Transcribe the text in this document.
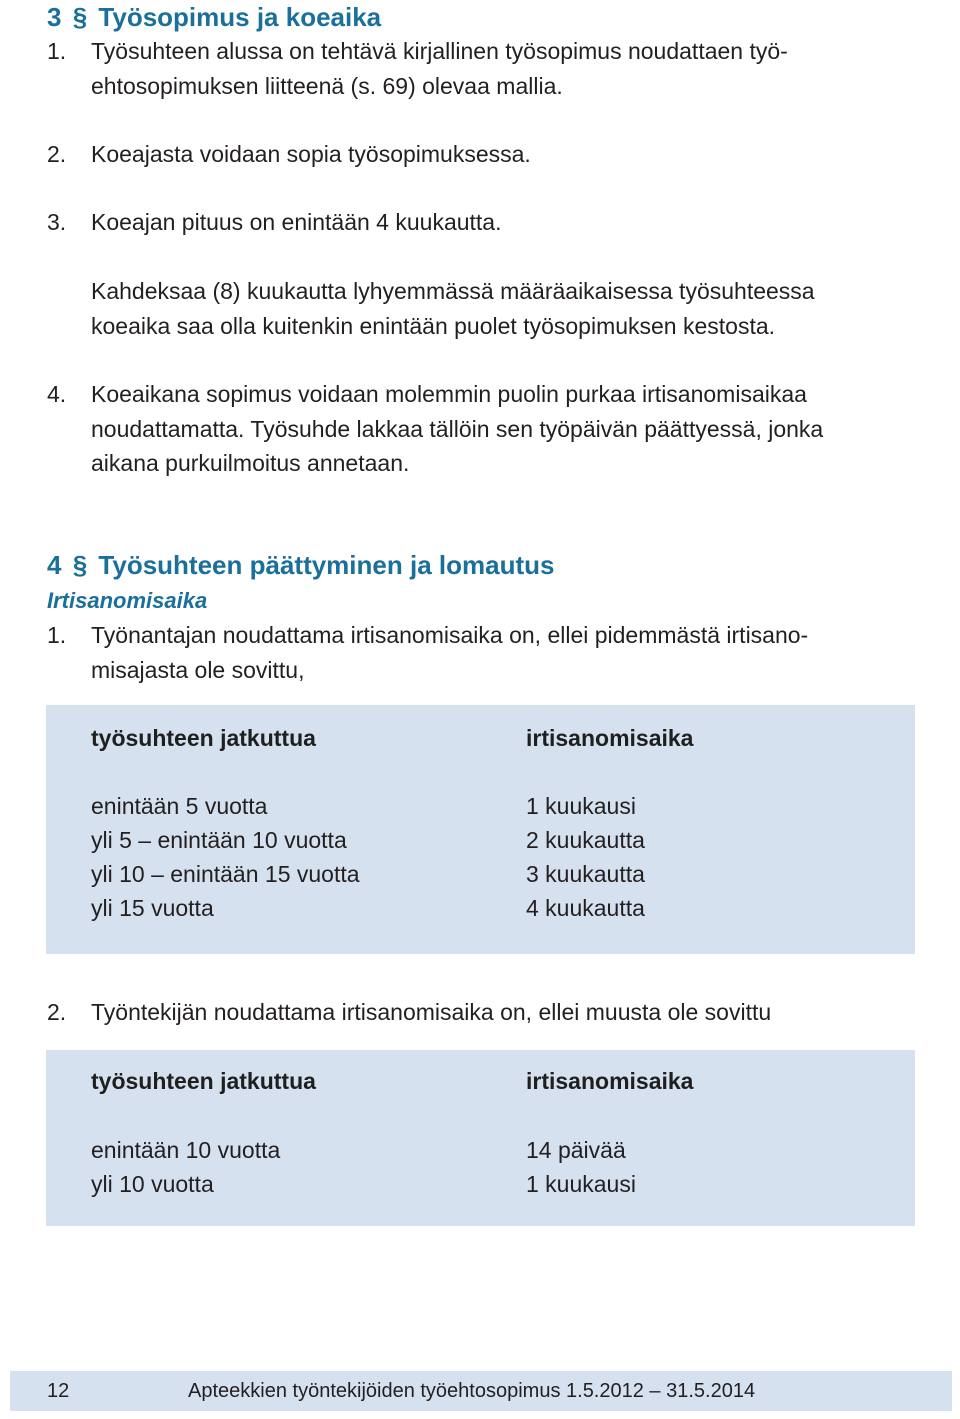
3 § Työsopimus ja koeaika
1. Työsuhteen alussa on tehtävä kirjallinen työsopimus noudattaen työ-
ehtosopimuksen liitteenä (s. 69) olevaa mallia.
2. Koeajasta voidaan sopia työsopimuksessa.
3. Koeajan pituus on enintään 4 kuukautta.
Kahdeksaa (8) kuukautta lyhyemmässä määräaikaisessa työsuhteessa
koeaika saa olla kuitenkin enintään puolet työsopimuksen kestosta.
4. Koeaikana sopimus voidaan molemmin puolin purkaa irtisanomisaikaa
noudattamatta. Työsuhde lakkaa tällöin sen työpäivän päättyessä, jonka
aikana purkuilmoitus annetaan.
4 § Työsuhteen päättyminen ja lomautus
Irtisanomisaika
1. Työnantajan noudattama irtisanomisaika on, ellei pidemmästä irtisano-
misajasta ole sovittu,
työsuhteen jatkuttua	irtisanomisaika
enintään 5 vuotta	1 kuukausi
yli 5 – enintään 10 vuotta	2 kuukautta
yli 10 – enintään 15 vuotta	3 kuukautta
yli 15 vuotta	4 kuukautta
2. Työntekijän noudattama irtisanomisaika on, ellei muusta ole sovittu
työsuhteen jatkuttua	irtisanomisaika
enintään 10 vuotta	14 päivää
yli 10 vuotta	1 kuukausi
12	Apteekkien työntekijöiden työehtosopimus 1.5.2012 – 31.5.2014
